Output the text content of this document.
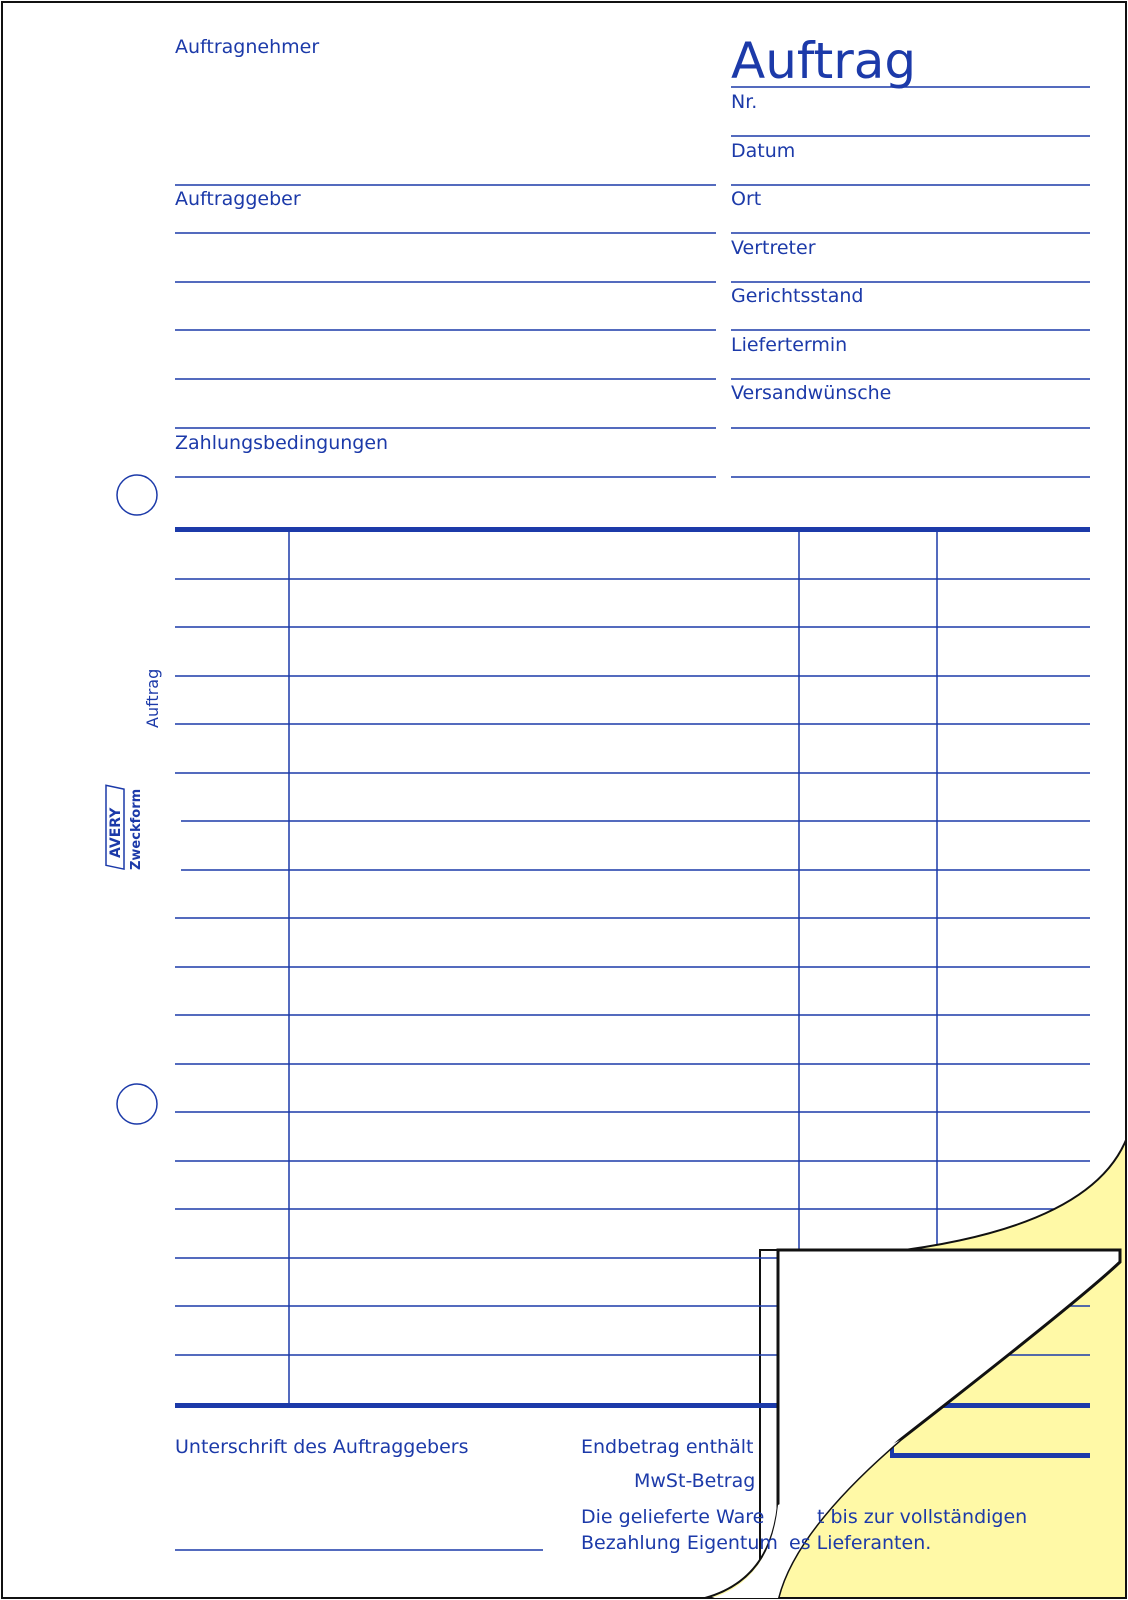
Auftrag
Auftragnehmer
Auftraggeber
Zahlungsbedingungen
Nr.
Datum
Ort
Vertreter
Gerichtsstand
Liefertermin
Versandwünsche
Auftrag
AVERY Zweckform
Unterschrift des Auftraggebers	Endbetrag enthält
MwSt-Betrag
Die gelieferte Ware	t bis zur vollständigen
Bezahlung Eigentum es Lieferanten.
